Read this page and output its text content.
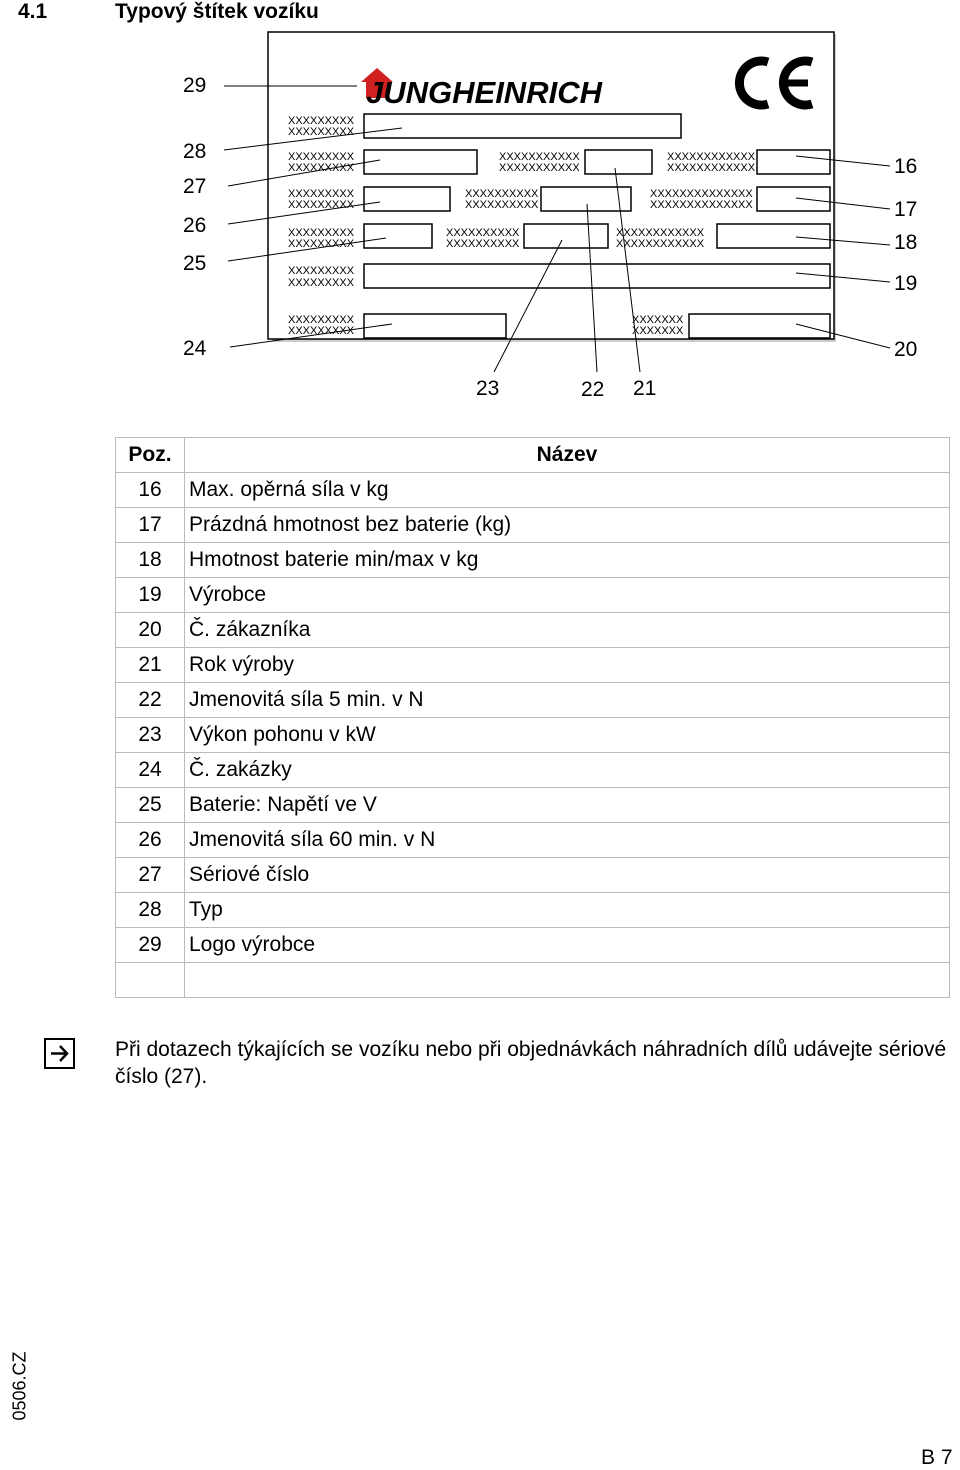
4.1	Typový štítek vozíku
JUNGHEINRICH
XXXXXXXXX
XXXXXXXXX
XXXXXXXXX
XXXXXXXXX
XXXXXXXXX
XXXXXXXXX
XXXXXXXXX
XXXXXXXXX
XXXXXXXXX
XXXXXXXXX
XXXXXXXXX
XXXXXXXXX
XXXXXXXXXXX
XXXXXXXXXXX
XXXXXXXXXXXX
XXXXXXXXXXXX
XXXXXXXXXX
XXXXXXXXXX
XXXXXXXXXXXXXX
XXXXXXXXXXXXXX
XXXXXXXXXX
XXXXXXXXXX
XXXXXXXXXXXX
XXXXXXXXXXXX
XXXXXXX
XXXXXXX
29
28
27
26
25
24
16
17
18
19
20
23	22 21
Poz.	Název
16	Max. opěrná síla v kg
17	Prázdná hmotnost bez baterie (kg)
18	Hmotnost baterie min/max v kg
19	Výrobce
20	Č. zákazníka
21	Rok výroby
22	Jmenovitá síla 5 min. v N
23	Výkon pohonu v kW
24	Č. zakázky
25	Baterie: Napětí ve V
26	Jmenovitá síla 60 min. v N
27	Sériové číslo
28	Typ
29	Logo výrobce

Při dotazech týkajících se vozíku nebo při objednávkách náhradních dílů udávejte sériové číslo (27).
0506.CZ
B 7
